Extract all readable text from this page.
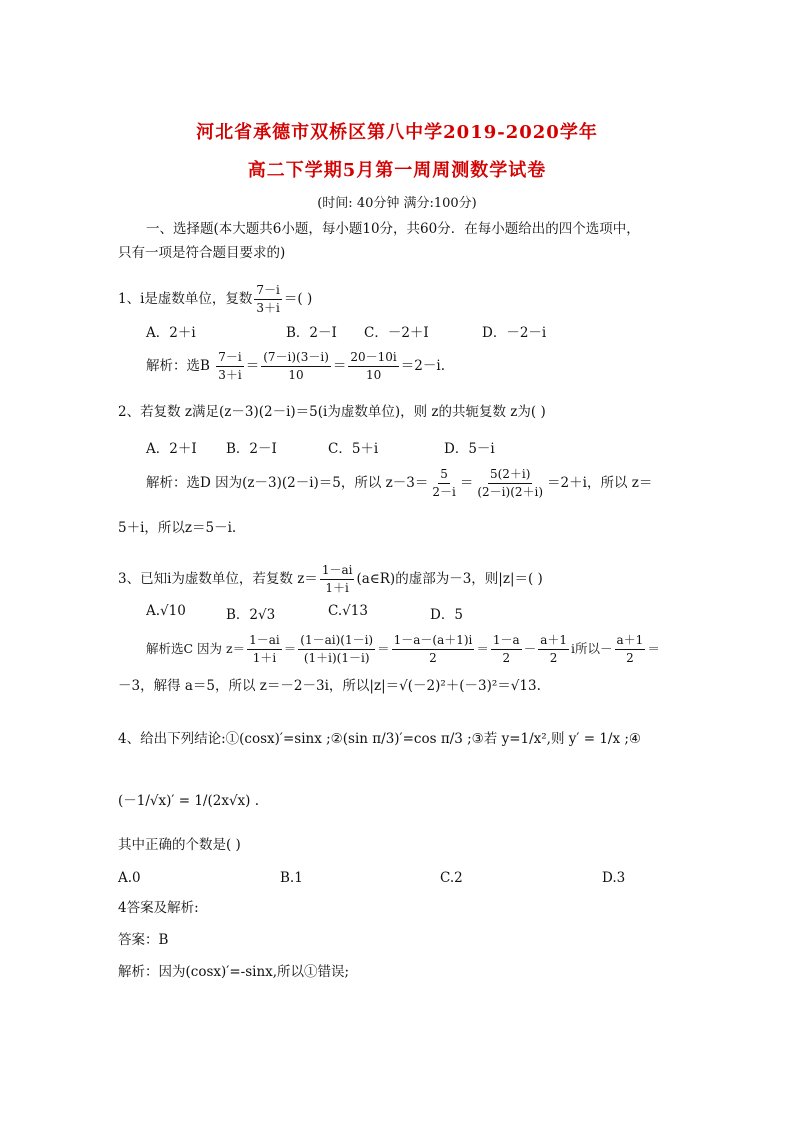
河北省承德市双桥区第八中学2019-2020学年
高二下学期5月第一周周测数学试卷
(时间: 40分钟 满分:100分)
一、选择题(本大题共6小题，每小题10分，共60分．在每小题给出的四个选项中，
只有一项是符合题目要求的)
1、i是虚数单位，复数 $\frac{7-i}{3+i}$ ＝( )
A．2＋i	B．2－I C．－2＋I	D．－2－i
解析：选B $\frac{7-i}{3+i} = \frac{(7-i)(3-i)}{10} = \frac{20-10i}{10} =2-i$.
2、若复数 z满足(z－3)(2－i)＝5(i为虚数单位)，则 z的共轭复数 z为( )
A．2＋I B．2－I	C．5＋i	D．5－i
解析：选D 因为(z－3)(2－i)＝5，所以 $z-3= \frac{5}{2-i} = \frac{5(2+i)}{(2-i)(2+i)} =2+i$，所以 z＝
5＋i，所以z＝5－i.
3、已知i为虚数单位，若复数 $z= \frac{1-ai}{1+i}$ (a∈R)的虚部为－3，则|z|＝( )
A.√10	B．2√3	C.√13	D．5
解析选C 因为 $z= \frac{1-ai}{1+i} = \frac{(1-ai)(1-i)}{(1+i)(1-i)} = \frac{1-a-(a+1)i}{2} = \frac{1-a}{2} - \frac{a+1}{2}$ i所以－ $\frac{a+1}{2}$ ＝
－3，解得 a＝5，所以 z＝－2－3i，所以|z|＝√(－2)²＋(－3)²＝√13.
4、给出下列结论:①(cosx)′=sinx ;②(sin π/3)′=cos π/3 ;③若 y=1/x²,则 y′ = 1/x ;④
(－1/√x)′ = 1/(2x√x) .
其中正确的个数是( )
A.0	B.1	C.2	D.3
4答案及解析:
答案：B
解析：因为(cosx)′=-sinx,所以①错误;
